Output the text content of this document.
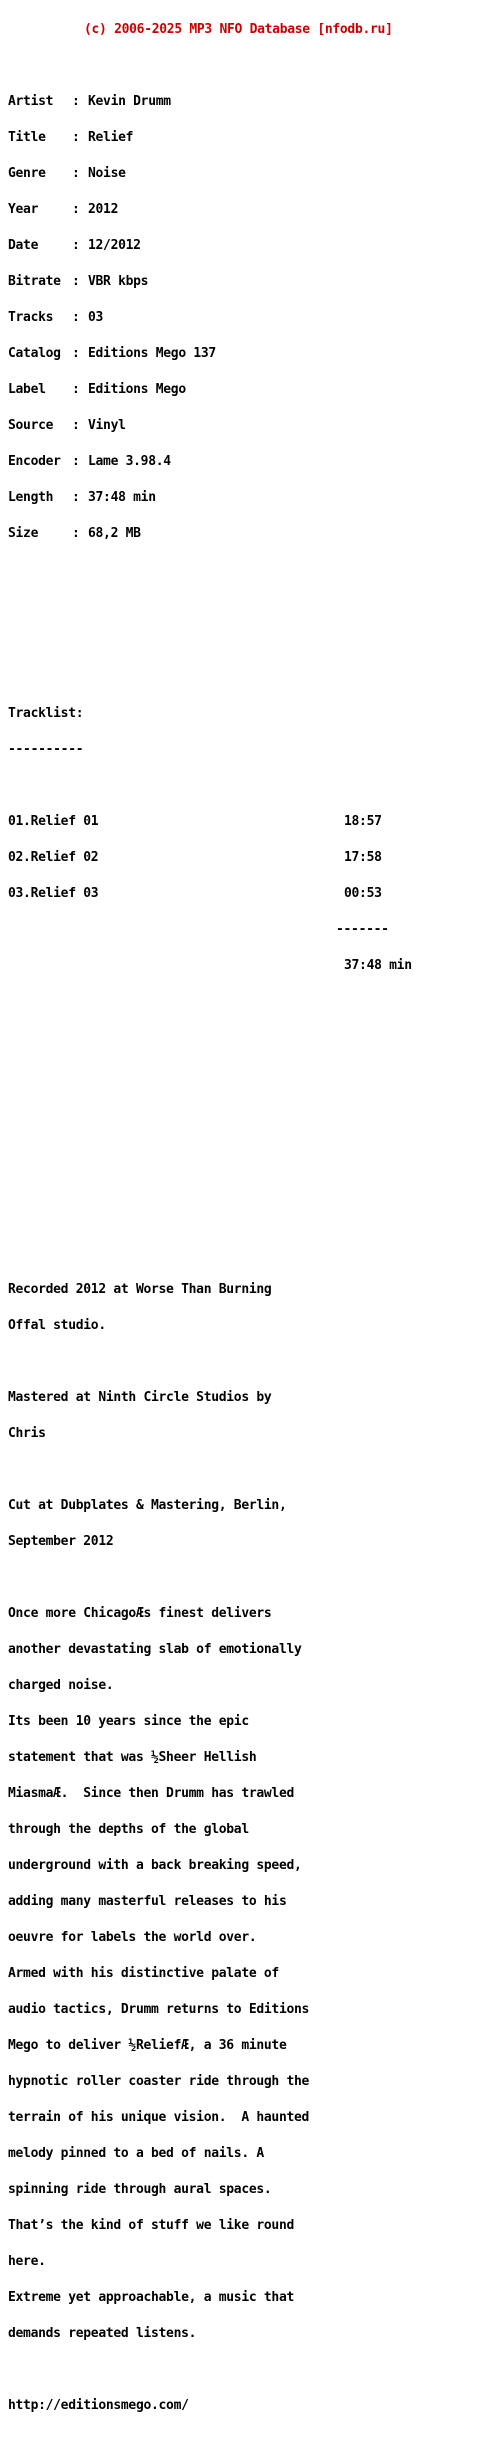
(c) 2006-2025 MP3 NFO Database [nfodb.ru]

Artist : Kevin Drumm

Title : Relief

Genre : Noise

Year	: 2012

Date	: 12/2012

Bitrate : VBR kbps

Tracks : 03

Catalog : Editions Mego 137

Label : Editions Mego

Source : Vinyl

Encoder : Lame 3.98.4

Length : 37:48 min

Size	: 68,2 MB

Tracklist:

----------

01.Relief 01	18:57

02.Relief 02	17:58

03.Relief 03	00:53

-------

37:48 min

Recorded 2012 at Worse Than Burning

Offal studio.

Mastered at Ninth Circle Studios by

Chris

Cut at Dubplates & Mastering, Berlin,

September 2012

Once more ChicagoÆs finest delivers

another devastating slab of emotionally

charged noise.

Its been 10 years since the epic

statement that was ½Sheer Hellish

MiasmaÆ.  Since then Drumm has trawled

through the depths of the global

underground with a back breaking speed,

adding many masterful releases to his

oeuvre for labels the world over.

Armed with his distinctive palate of

audio tactics, Drumm returns to Editions

Mego to deliver ½ReliefÆ, a 36 minute

hypnotic roller coaster ride through the

terrain of his unique vision.  A haunted

melody pinned to a bed of nails. A

spinning ride through aural spaces.

That’s the kind of stuff we like round

here.

Extreme yet approachable, a music that

demands repeated listens.

http://editionsmego.com/
